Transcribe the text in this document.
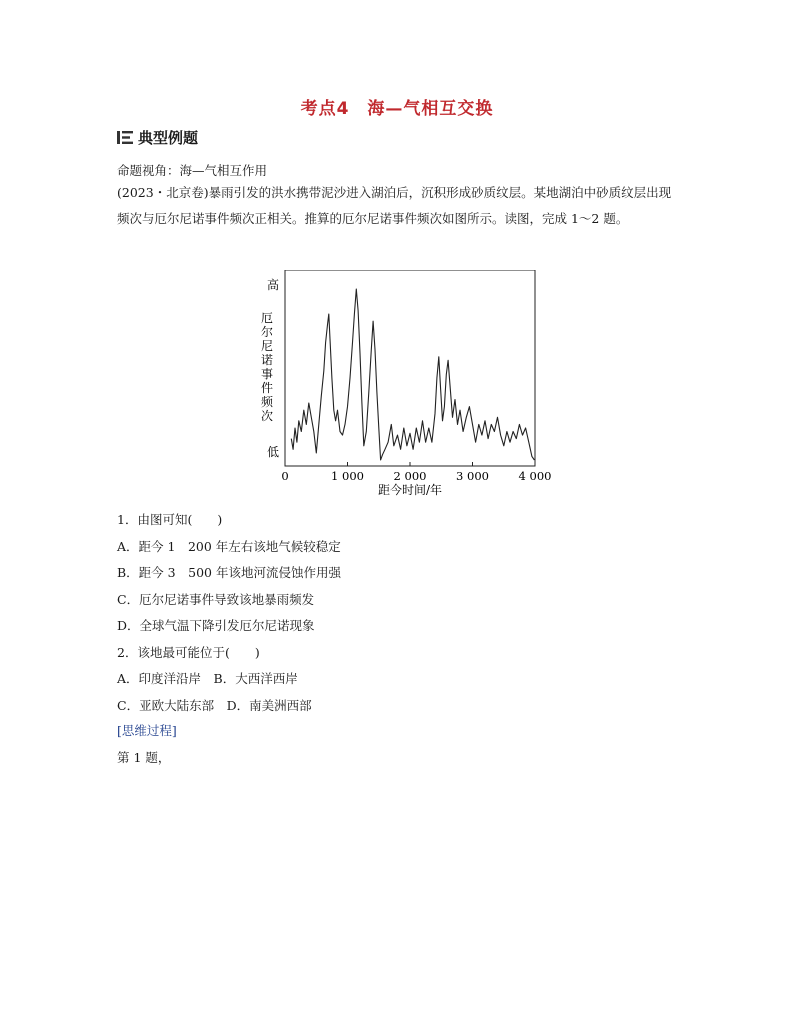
考点4　海—气相互交换
典型例题
命题视角：海—气相互作用
(2023・北京卷)暴雨引发的洪水携带泥沙进入湖泊后，沉积形成砂质纹层。某地湖泊中砂质纹层出现频次与厄尔尼诺事件频次正相关。推算的厄尔尼诺事件频次如图所示。读图，完成 1～2 题。
高
低
厄尔尼诺事件频次
0	1 000	2 000	3 000	4 000
距今时间/年
1．由图可知(　　)
A．距今 1　200 年左右该地气候较稳定
B．距今 3　500 年该地河流侵蚀作用强
C．厄尔尼诺事件导致该地暴雨频发
D．全球气温下降引发厄尔尼诺现象
2．该地最可能位于(　　)
A．印度洋沿岸　B．大西洋西岸
C．亚欧大陆东部　D．南美洲西部
[思维过程]
第 1 题，
